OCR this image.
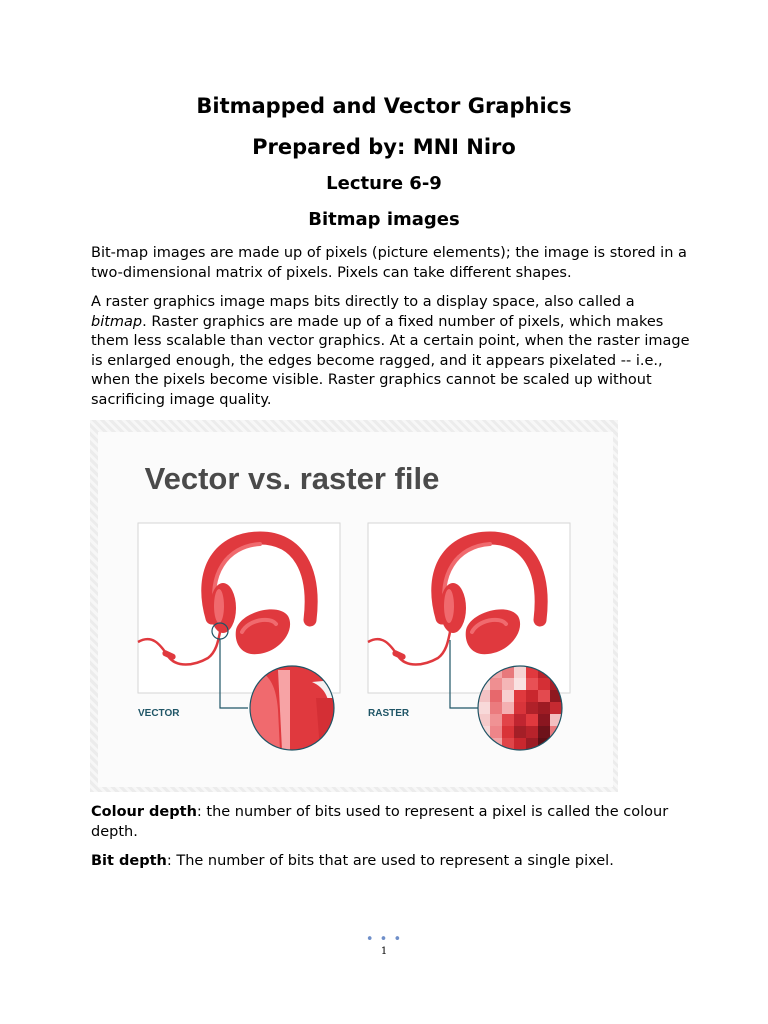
Bitmapped and Vector Graphics
Prepared by: MNI Niro
Lecture 6-9
Bitmap images

Bit-map images are made up of pixels (picture elements); the image is stored in a two-dimensional matrix of pixels. Pixels can take different shapes.

A raster graphics image maps bits directly to a display space, also called a bitmap. Raster graphics are made up of a fixed number of pixels, which makes them less scalable than vector graphics. At a certain point, when the raster image is enlarged enough, the edges become ragged, and it appears pixelated -- i.e., when the pixels become visible. Raster graphics cannot be scaled up without sacrificing image quality.

Vector vs. raster file
VECTOR	RASTER

Colour depth: the number of bits used to represent a pixel is called the colour depth.

Bit depth: The number of bits that are used to represent a single pixel.

• • •
1
